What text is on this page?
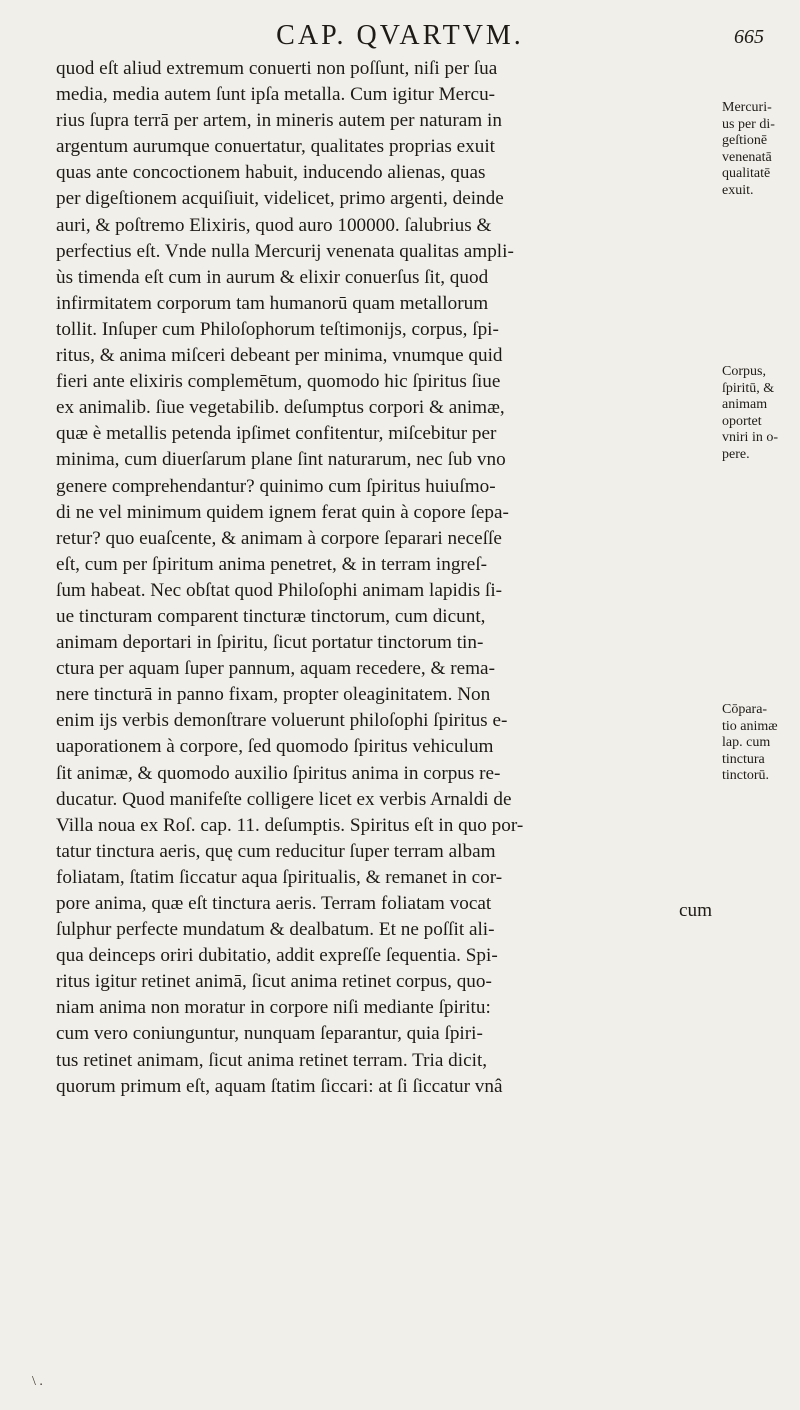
CAP. QVARTVM.	665
quod eſt aliud extremum conuerti non poſſunt, niſi per ſua
media, media autem ſunt ipſa metalla. Cum igitur Mercu-
rius ſupra terrā per artem, in mineris autem per naturam in
argentum aurumque conuertatur, qualitates proprias exuit
quas ante concoctionem habuit, inducendo alienas, quas
per digeſtionem acquiſiuit, videlicet, primo argenti, deinde
auri, & poſtremo Elixiris, quod auro 100000. ſalubrius &
perfectius eſt. Vnde nulla Mercurij venenata qualitas ampli-
ùs timenda eſt cum in aurum & elixir conuerſus ſit, quod
infirmitatem corporum tam humanorū quam metallorum
tollit. Inſuper cum Philoſophorum teſtimonijs, corpus, ſpi-
ritus, & anima miſceri debeant per minima, vnumque quid
fieri ante elixiris complemētum, quomodo hic ſpiritus ſiue
ex animalib. ſiue vegetabilib. deſumptus corpori & animæ,
quæ è metallis petenda ipſimet confitentur, miſcebitur per
minima, cum diuerſarum plane ſint naturarum, nec ſub vno
genere comprehendantur? quinimo cum ſpiritus huiuſmo-
di ne vel minimum quidem ignem ferat quin à copore ſepa-
retur? quo euaſcente, & animam à corpore ſeparari neceſſe
eſt, cum per ſpiritum anima penetret, & in terram ingreſ-
ſum habeat. Nec obſtat quod Philoſophi animam lapidis ſi-
ue tincturam comparent tincturæ tinctorum, cum dicunt,
animam deportari in ſpiritu, ſicut portatur tinctorum tin-
ctura per aquam ſuper pannum, aquam recedere, & rema-
nere tincturā in panno fixam, propter oleaginitatem. Non
enim ijs verbis demonſtrare voluerunt philoſophi ſpiritus e-
uaporationem à corpore, ſed quomodo ſpiritus vehiculum
ſit animæ, & quomodo auxilio ſpiritus anima in corpus re-
ducatur. Quod manifeſte colligere licet ex verbis Arnaldi de
Villa noua ex Roſ. cap. 11. deſumptis. Spiritus eſt in quo por-
tatur tinctura aeris, quę cum reducitur ſuper terram albam
foliatam, ſtatim ſiccatur aqua ſpiritualis, & remanet in cor-
pore anima, quæ eſt tinctura aeris. Terram foliatam vocat
ſulphur perfecte mundatum & dealbatum. Et ne poſſit ali-
qua deinceps oriri dubitatio, addit expreſſe ſequentia. Spi-
ritus igitur retinet animā, ſicut anima retinet corpus, quo-
niam anima non moratur in corpore niſi mediante ſpiritu:
cum vero coniunguntur, nunquam ſeparantur, quia ſpiri-
tus retinet animam, ſicut anima retinet terram. Tria dicit,
quorum primum eſt, aquam ſtatim ſiccari: at ſi ſiccatur vnâ
cum
Mercuri-
us per di-
geſtionē
venenatā
qualitatē
exuit.
Corpus,
ſpiritū, &
animam
oportet
vniri in o-
pere.
Cōpara-
tio animæ
lap. cum
tinctura
tinctorū.
\ .
